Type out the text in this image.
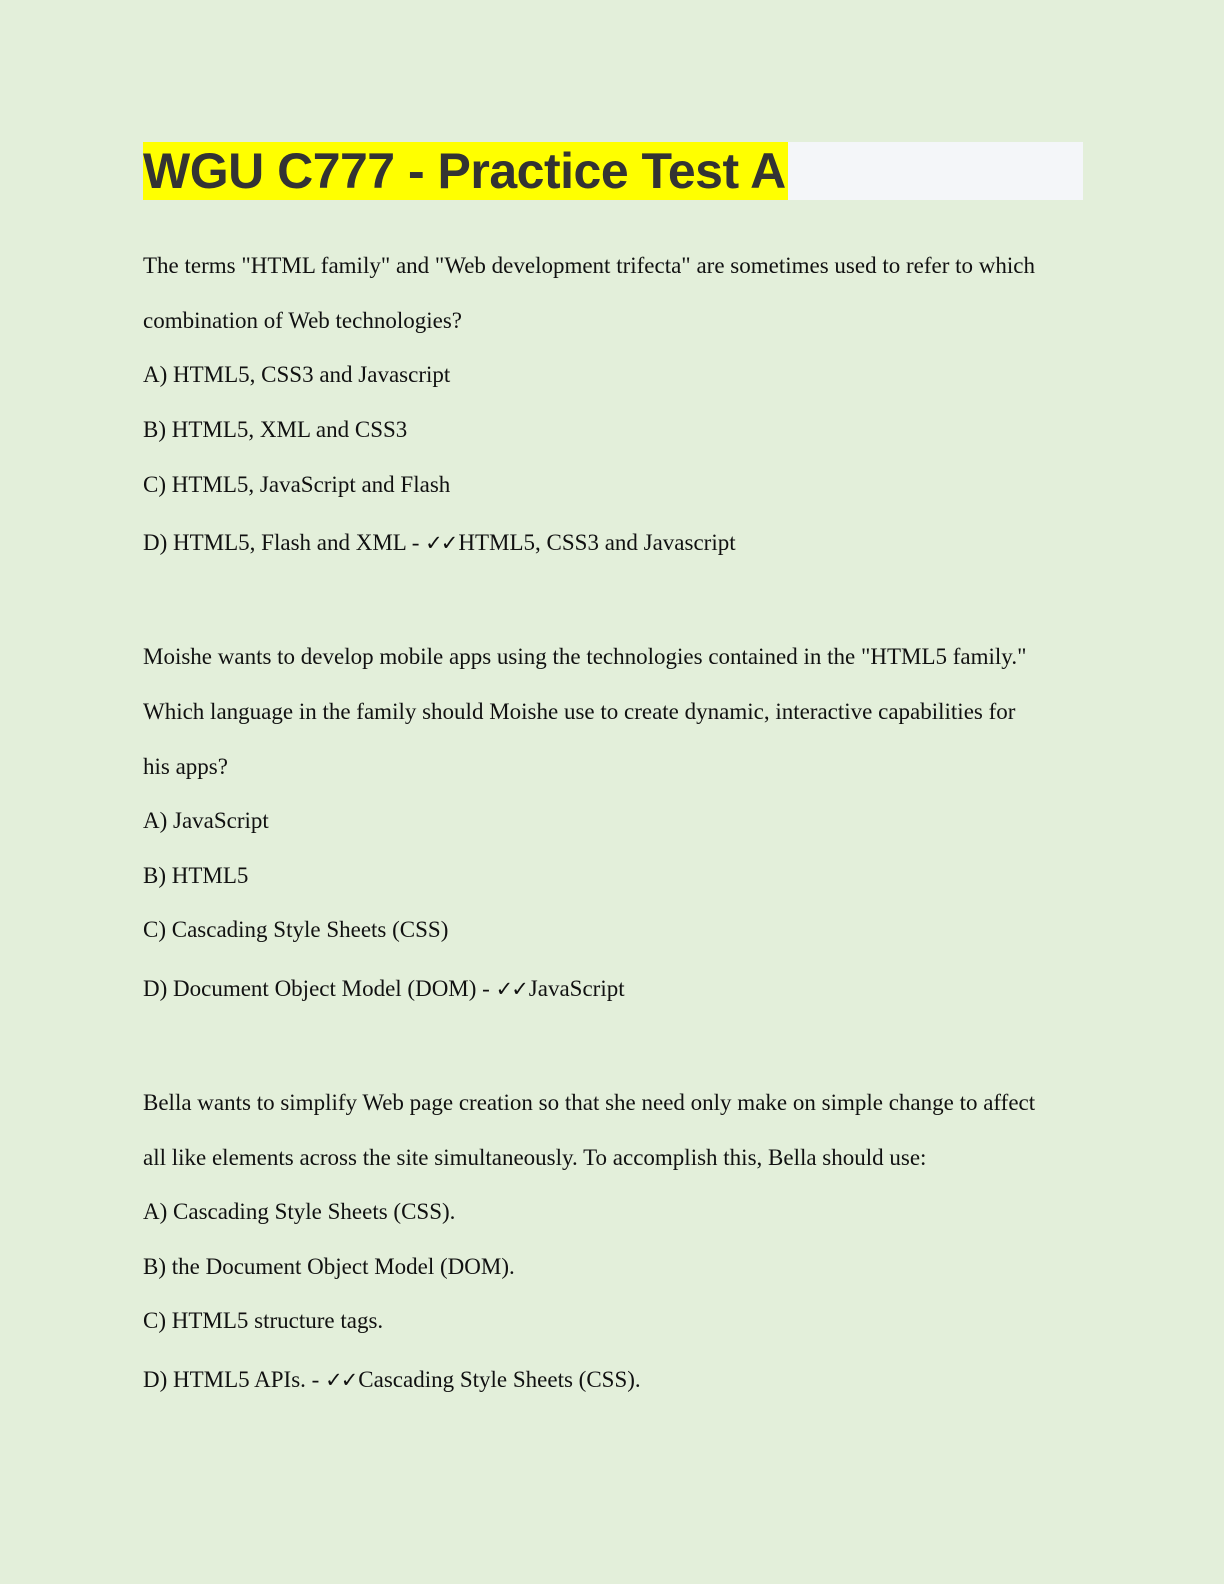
WGU C777 - Practice Test A
The terms "HTML family" and "Web development trifecta" are sometimes used to refer to which
combination of Web technologies?
A) HTML5, CSS3 and Javascript
B) HTML5, XML and CSS3
C) HTML5, JavaScript and Flash
D) HTML5, Flash and XML - ✓✓HTML5, CSS3 and Javascript
Moishe wants to develop mobile apps using the technologies contained in the "HTML5 family."
Which language in the family should Moishe use to create dynamic, interactive capabilities for
his apps?
A) JavaScript
B) HTML5
C) Cascading Style Sheets (CSS)
D) Document Object Model (DOM) - ✓✓JavaScript
Bella wants to simplify Web page creation so that she need only make on simple change to affect
all like elements across the site simultaneously. To accomplish this, Bella should use:
A) Cascading Style Sheets (CSS).
B) the Document Object Model (DOM).
C) HTML5 structure tags.
D) HTML5 APIs. - ✓✓Cascading Style Sheets (CSS).
